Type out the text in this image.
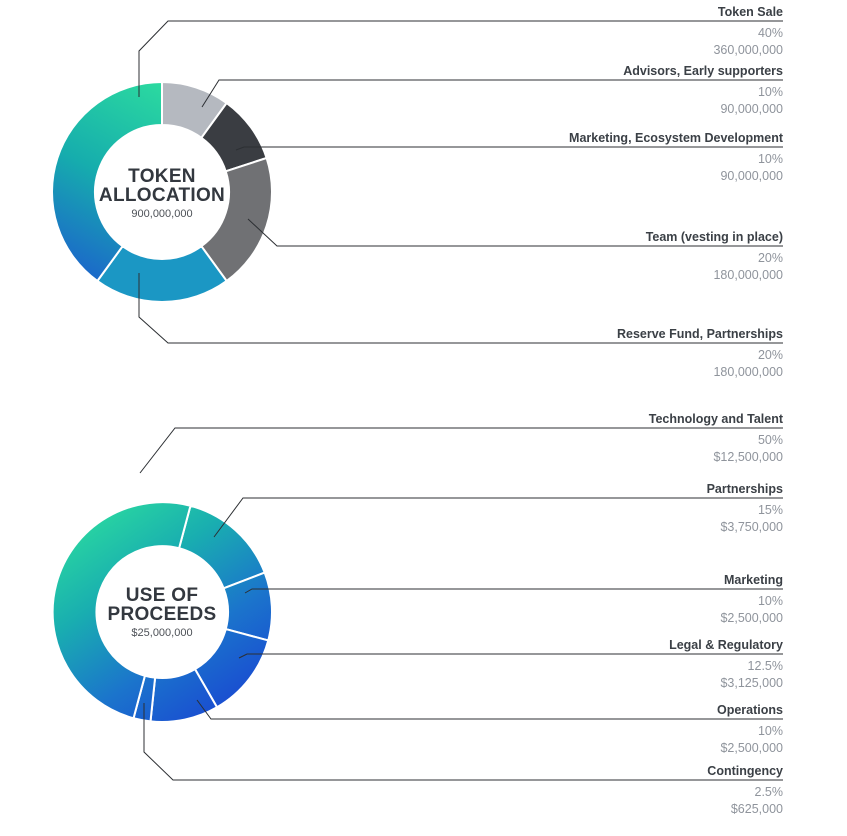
TOKEN
ALLOCATION
900,000,000
USE OF
PROCEEDS
$25,000,000
Token Sale
40%
360,000,000
Advisors, Early supporters
10%
90,000,000
Marketing, Ecosystem Development
10%
90,000,000
Team (vesting in place)
20%
180,000,000
Reserve Fund, Partnerships
20%
180,000,000
Technology and Talent
50%
$12,500,000
Partnerships
15%
$3,750,000
Marketing
10%
$2,500,000
Legal & Regulatory
12.5%
$3,125,000
Operations
10%
$2,500,000
Contingency
2.5%
$625,000
